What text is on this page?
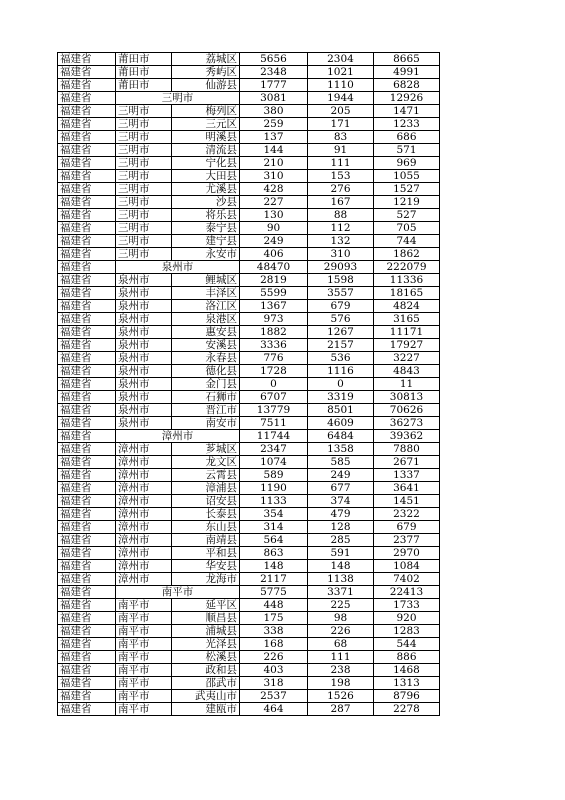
福建省	莆田市	荔城区	5656	2304	8665
福建省	莆田市	秀屿区	2348	1021	4991
福建省	莆田市	仙游县	1777	1110	6828
福建省	三明市		3081	1944	12926
福建省	三明市	梅列区	380	205	1471
福建省	三明市	三元区	259	171	1233
福建省	三明市	明溪县	137	83	686
福建省	三明市	清流县	144	91	571
福建省	三明市	宁化县	210	111	969
福建省	三明市	大田县	310	153	1055
福建省	三明市	尤溪县	428	276	1527
福建省	三明市	沙县	227	167	1219
福建省	三明市	将乐县	130	88	527
福建省	三明市	泰宁县	90	112	705
福建省	三明市	建宁县	249	132	744
福建省	三明市	永安市	406	310	1862
福建省	泉州市		48470	29093	222079
福建省	泉州市	鲤城区	2819	1598	11336
福建省	泉州市	丰泽区	5599	3557	18165
福建省	泉州市	洛江区	1367	679	4824
福建省	泉州市	泉港区	973	576	3165
福建省	泉州市	惠安县	1882	1267	11171
福建省	泉州市	安溪县	3336	2157	17927
福建省	泉州市	永春县	776	536	3227
福建省	泉州市	德化县	1728	1116	4843
福建省	泉州市	金门县	0	0	11
福建省	泉州市	石狮市	6707	3319	30813
福建省	泉州市	晋江市	13779	8501	70626
福建省	泉州市	南安市	7511	4609	36273
福建省	漳州市		11744	6484	39362
福建省	漳州市	芗城区	2347	1358	7880
福建省	漳州市	龙文区	1074	585	2671
福建省	漳州市	云霄县	589	249	1337
福建省	漳州市	漳浦县	1190	677	3641
福建省	漳州市	诏安县	1133	374	1451
福建省	漳州市	长泰县	354	479	2322
福建省	漳州市	东山县	314	128	679
福建省	漳州市	南靖县	564	285	2377
福建省	漳州市	平和县	863	591	2970
福建省	漳州市	华安县	148	148	1084
福建省	漳州市	龙海市	2117	1138	7402
福建省	南平市		5775	3371	22413
福建省	南平市	延平区	448	225	1733
福建省	南平市	顺昌县	175	98	920
福建省	南平市	浦城县	338	226	1283
福建省	南平市	光泽县	168	68	544
福建省	南平市	松溪县	226	111	886
福建省	南平市	政和县	403	238	1468
福建省	南平市	邵武市	318	198	1313
福建省	南平市	武夷山市	2537	1526	8796
福建省	南平市	建瓯市	464	287	2278
